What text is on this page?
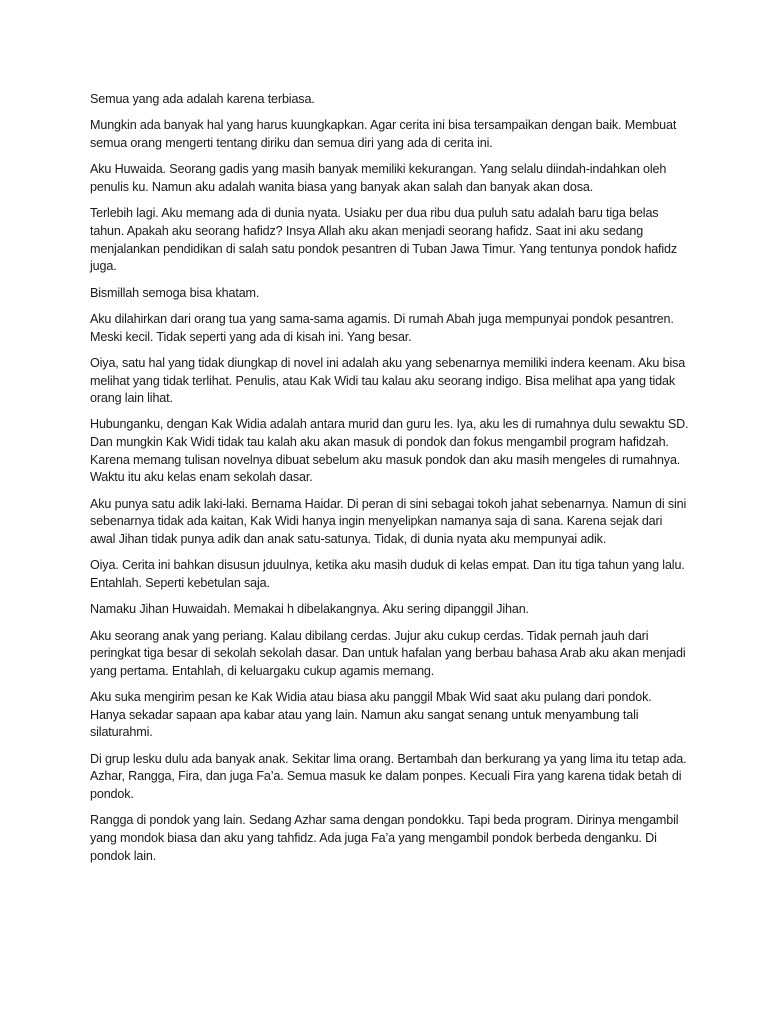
Semua yang ada adalah karena terbiasa.

Mungkin ada banyak hal yang harus kuungkapkan. Agar cerita ini bisa tersampaikan dengan baik. Membuat semua orang mengerti tentang diriku dan semua diri yang ada di cerita ini.

Aku Huwaida. Seorang gadis yang masih banyak memiliki kekurangan. Yang selalu diindah-indahkan oleh penulis ku. Namun aku adalah wanita biasa yang banyak akan salah dan banyak akan dosa.

Terlebih lagi. Aku memang ada di dunia nyata. Usiaku per dua ribu dua puluh satu adalah baru tiga belas tahun. Apakah aku seorang hafidz? Insya Allah aku akan menjadi seorang hafidz. Saat ini aku sedang menjalankan pendidikan di salah satu pondok pesantren di Tuban Jawa Timur. Yang tentunya pondok hafidz juga.

Bismillah semoga bisa khatam.

Aku dilahirkan dari orang tua yang sama-sama agamis. Di rumah Abah juga mempunyai pondok pesantren. Meski kecil. Tidak seperti yang ada di kisah ini. Yang besar.

Oiya, satu hal yang tidak diungkap di novel ini adalah aku yang sebenarnya memiliki indera keenam. Aku bisa melihat yang tidak terlihat. Penulis, atau Kak Widi tau kalau aku seorang indigo. Bisa melihat apa yang tidak orang lain lihat.

Hubunganku, dengan Kak Widia adalah antara murid dan guru les. Iya, aku les di rumahnya dulu sewaktu SD. Dan mungkin Kak Widi tidak tau kalah aku akan masuk di pondok dan fokus mengambil program hafidzah. Karena memang tulisan novelnya dibuat sebelum aku masuk pondok dan aku masih mengeles di rumahnya. Waktu itu aku kelas enam sekolah dasar.

Aku punya satu adik laki-laki. Bernama Haidar. Di peran di sini sebagai tokoh jahat sebenarnya. Namun di sini sebenarnya tidak ada kaitan, Kak Widi hanya ingin menyelipkan namanya saja di sana. Karena sejak dari awal Jihan tidak punya adik dan anak satu-satunya. Tidak, di dunia nyata aku mempunyai adik.

Oiya. Cerita ini bahkan disusun jduulnya, ketika aku masih duduk di kelas empat. Dan itu tiga tahun yang lalu. Entahlah. Seperti kebetulan saja.

Namaku Jihan Huwaidah. Memakai h dibelakangnya. Aku sering dipanggil Jihan.

Aku seorang anak yang periang. Kalau dibilang cerdas. Jujur aku cukup cerdas. Tidak pernah jauh dari peringkat tiga besar di sekolah sekolah dasar. Dan untuk hafalan yang berbau bahasa Arab aku akan menjadi yang pertama. Entahlah, di keluargaku cukup agamis memang.

Aku suka mengirim pesan ke Kak Widia atau biasa aku panggil Mbak Wid saat aku pulang dari pondok. Hanya sekadar sapaan apa kabar atau yang lain. Namun aku sangat senang untuk menyambung tali silaturahmi.

Di grup lesku dulu ada banyak anak. Sekitar lima orang. Bertambah dan berkurang ya yang lima itu tetap ada. Azhar, Rangga, Fira, dan juga Fa’a. Semua masuk ke dalam ponpes. Kecuali Fira yang karena tidak betah di pondok.

Rangga di pondok yang lain. Sedang Azhar sama dengan pondokku. Tapi beda program. Dirinya mengambil yang mondok biasa dan aku yang tahfidz. Ada juga Fa’a yang mengambil pondok berbeda denganku. Di pondok lain.
